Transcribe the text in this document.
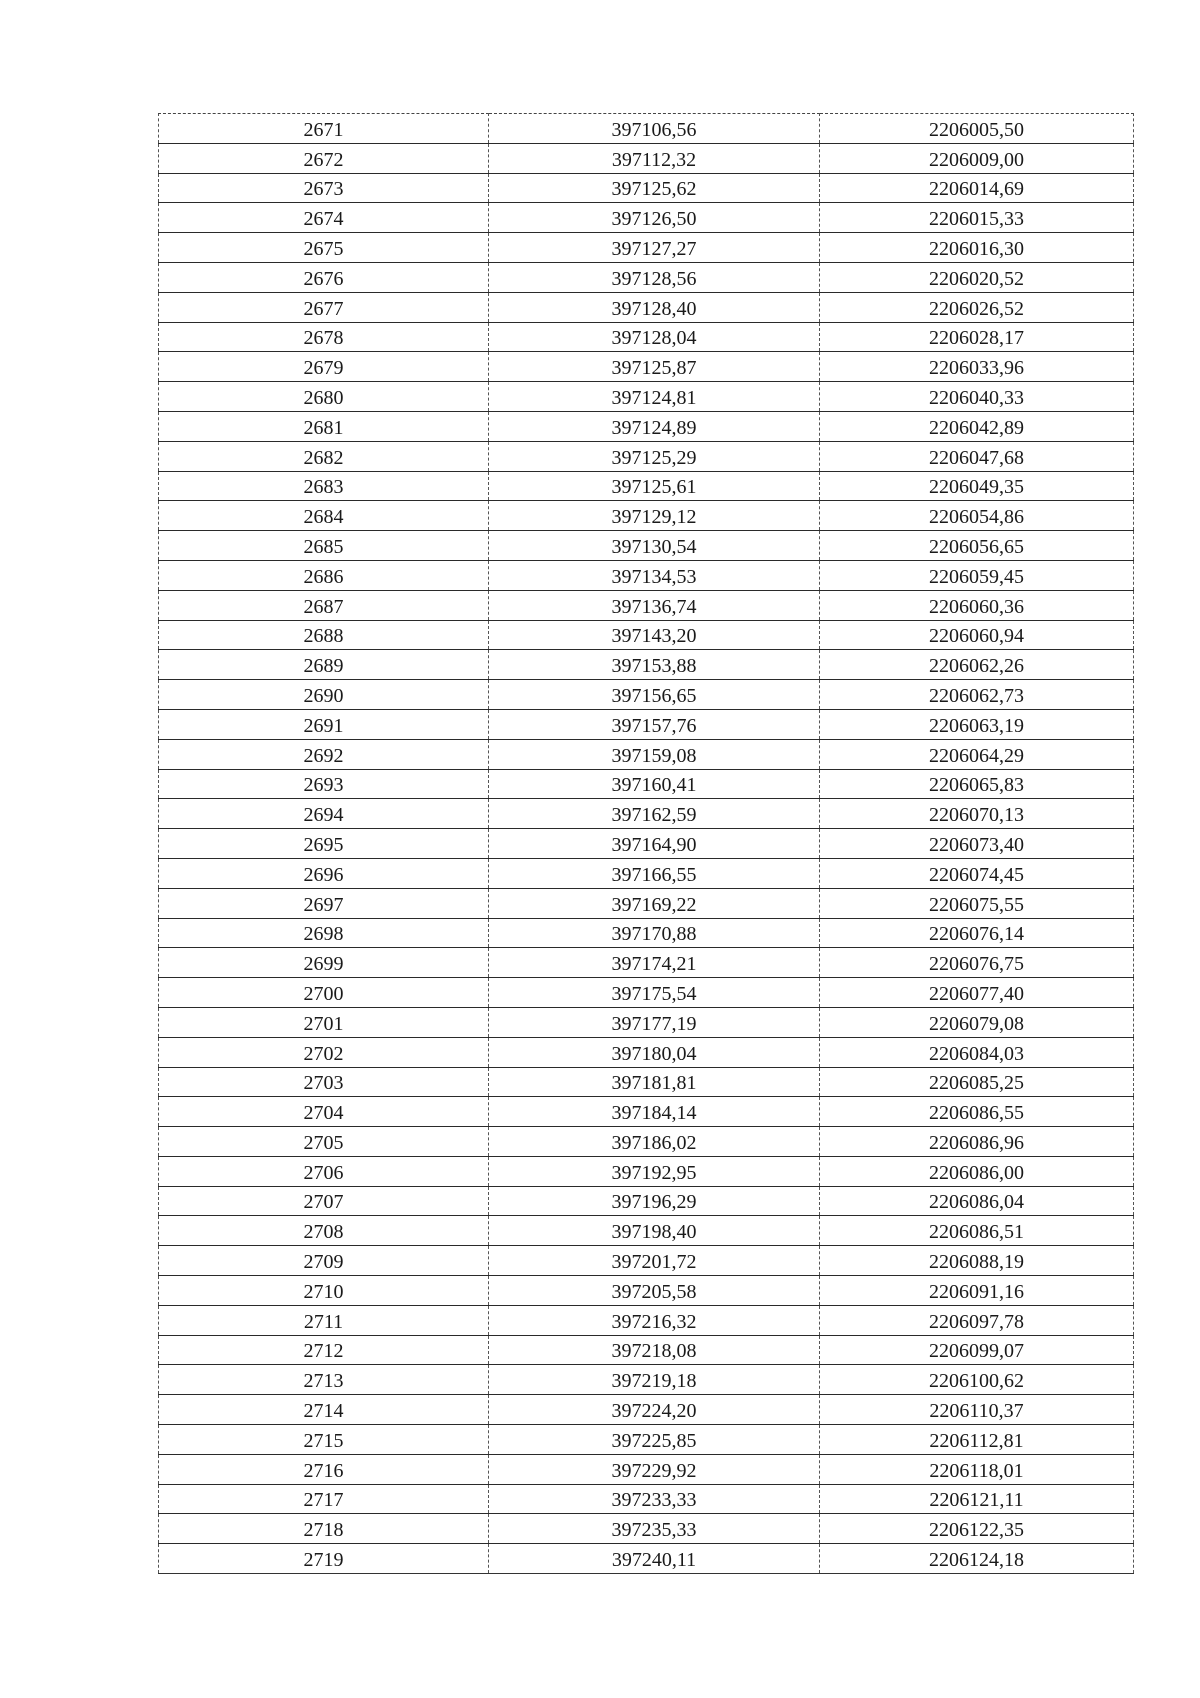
2671	397106,56	2206005,50
2672	397112,32	2206009,00
2673	397125,62	2206014,69
2674	397126,50	2206015,33
2675	397127,27	2206016,30
2676	397128,56	2206020,52
2677	397128,40	2206026,52
2678	397128,04	2206028,17
2679	397125,87	2206033,96
2680	397124,81	2206040,33
2681	397124,89	2206042,89
2682	397125,29	2206047,68
2683	397125,61	2206049,35
2684	397129,12	2206054,86
2685	397130,54	2206056,65
2686	397134,53	2206059,45
2687	397136,74	2206060,36
2688	397143,20	2206060,94
2689	397153,88	2206062,26
2690	397156,65	2206062,73
2691	397157,76	2206063,19
2692	397159,08	2206064,29
2693	397160,41	2206065,83
2694	397162,59	2206070,13
2695	397164,90	2206073,40
2696	397166,55	2206074,45
2697	397169,22	2206075,55
2698	397170,88	2206076,14
2699	397174,21	2206076,75
2700	397175,54	2206077,40
2701	397177,19	2206079,08
2702	397180,04	2206084,03
2703	397181,81	2206085,25
2704	397184,14	2206086,55
2705	397186,02	2206086,96
2706	397192,95	2206086,00
2707	397196,29	2206086,04
2708	397198,40	2206086,51
2709	397201,72	2206088,19
2710	397205,58	2206091,16
2711	397216,32	2206097,78
2712	397218,08	2206099,07
2713	397219,18	2206100,62
2714	397224,20	2206110,37
2715	397225,85	2206112,81
2716	397229,92	2206118,01
2717	397233,33	2206121,11
2718	397235,33	2206122,35
2719	397240,11	2206124,18
